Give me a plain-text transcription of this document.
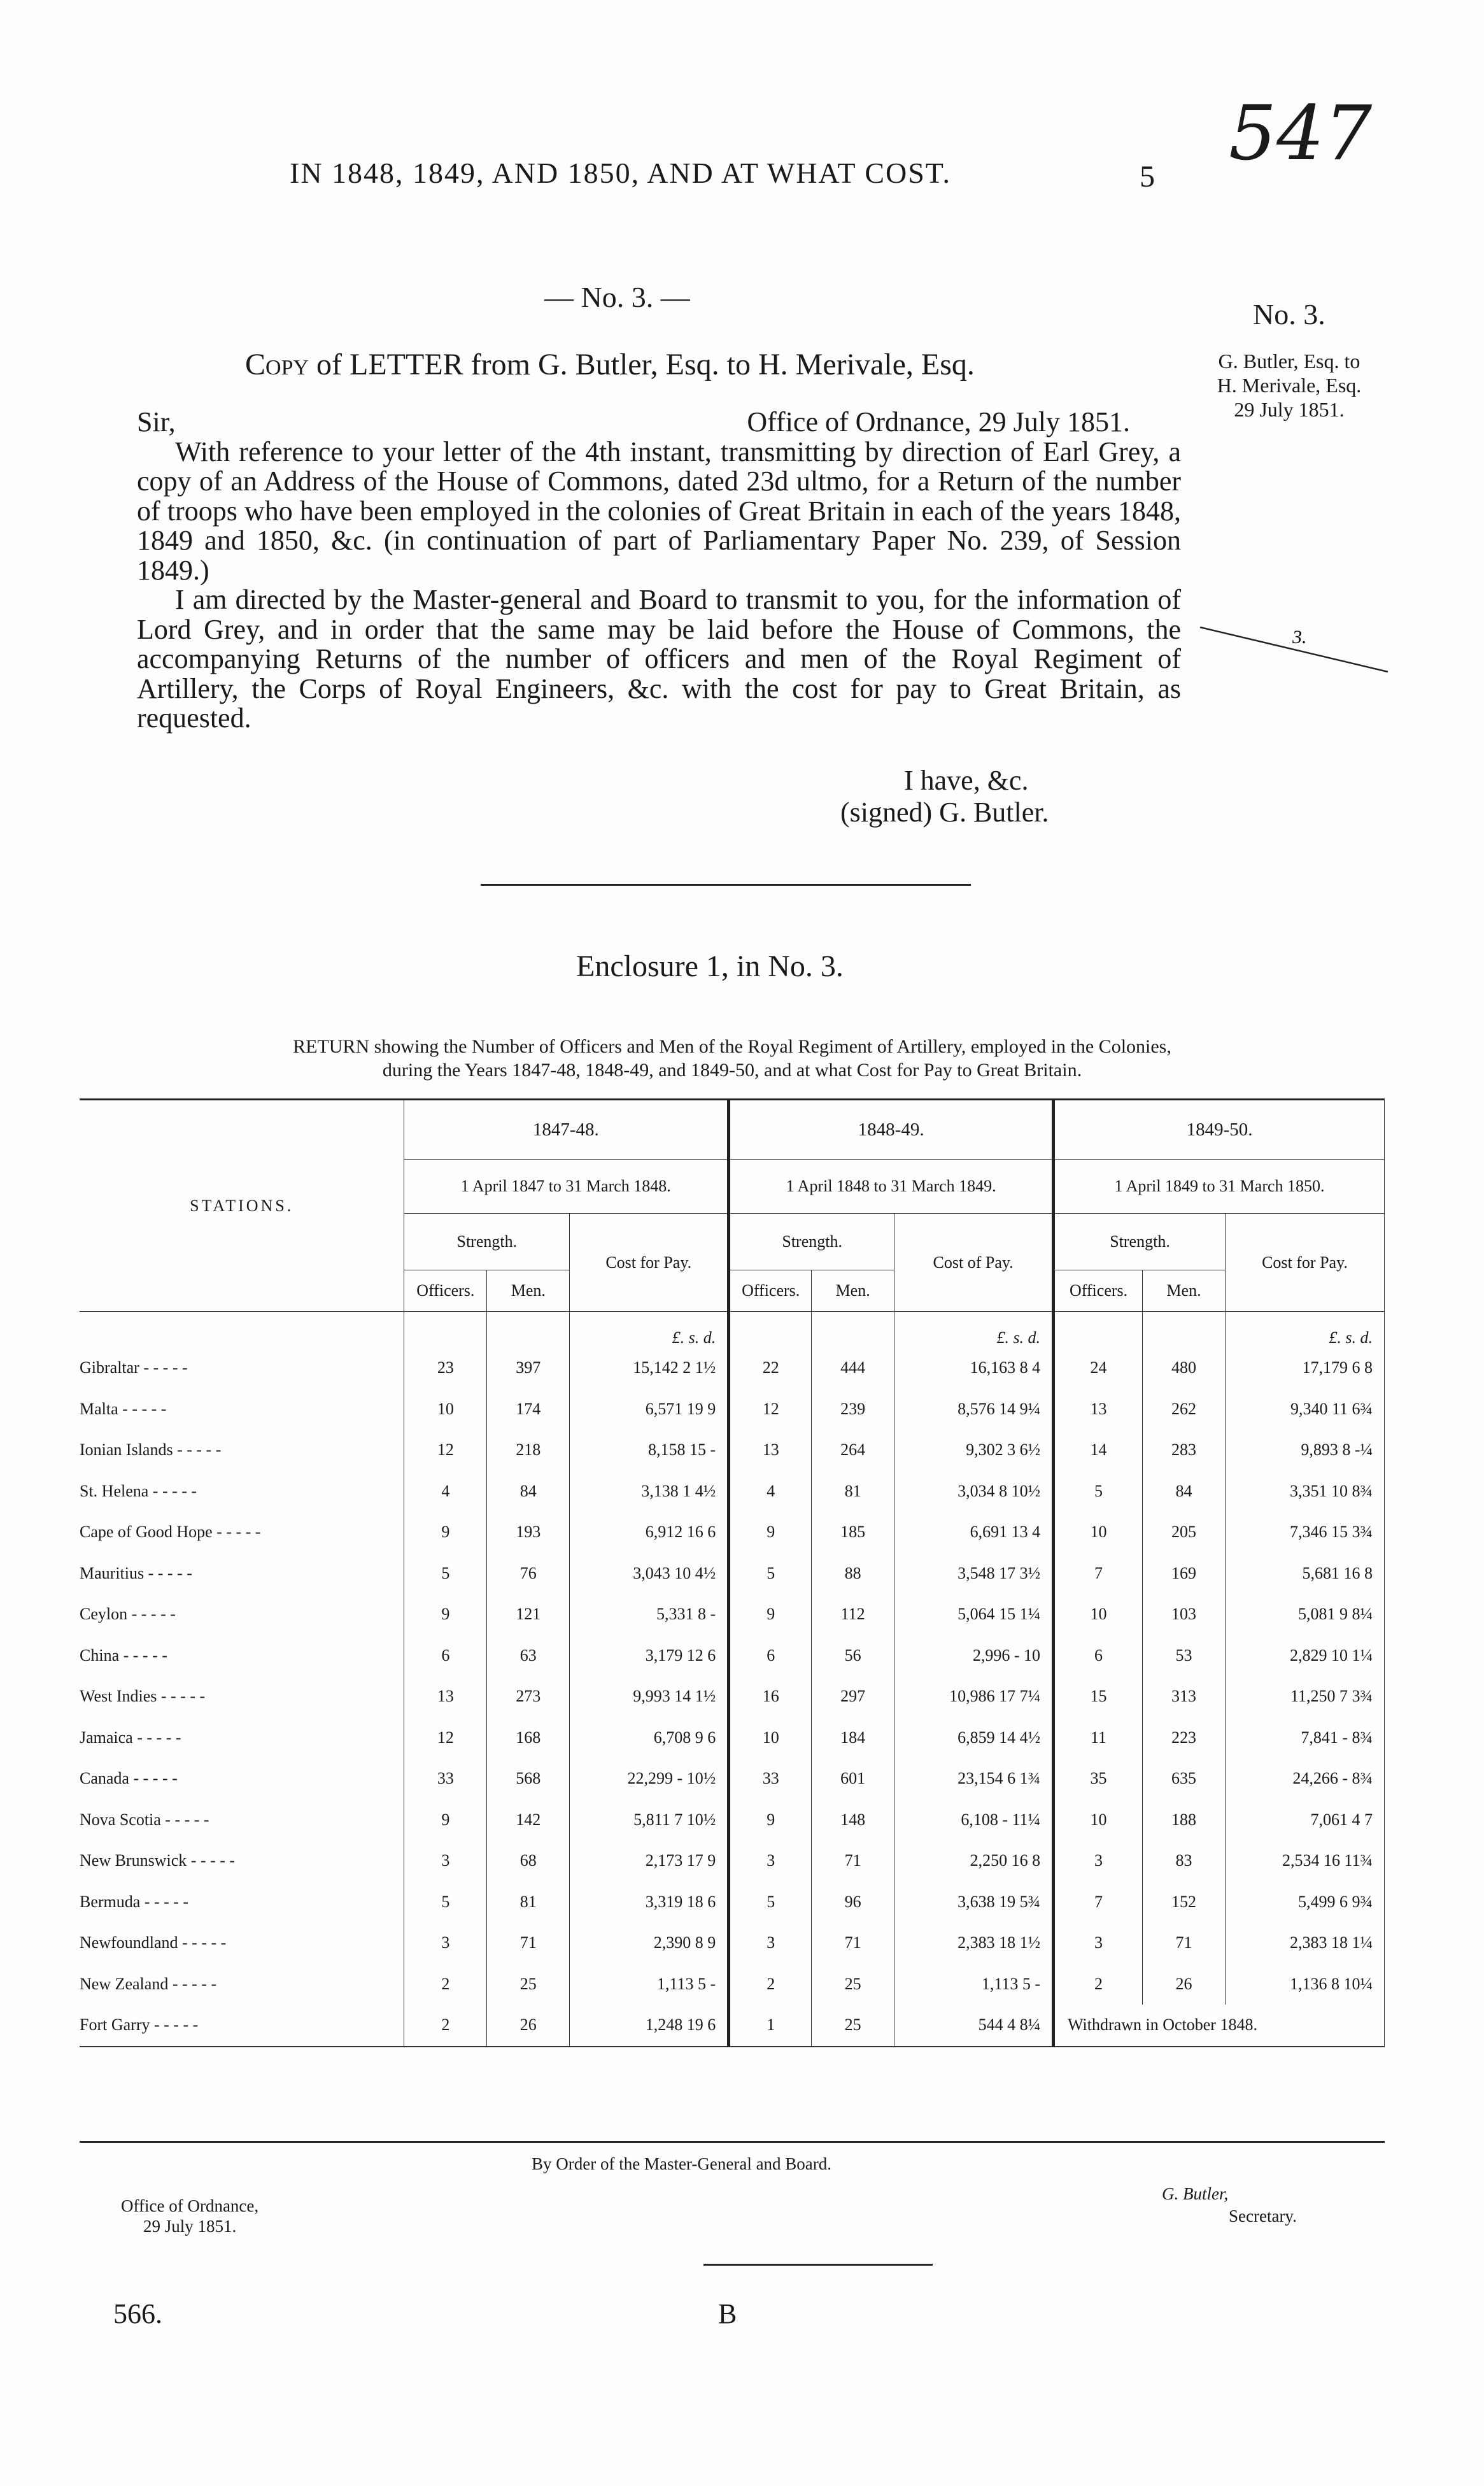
547
IN 1848, 1849, AND 1850, AND AT WHAT COST.	5
— No. 3. —
No. 3.
G. Butler, Esq. to
H. Merivale, Esq.
29 July 1851.
Copy of LETTER from G. Butler, Esq. to H. Merivale, Esq.

Sir,	Office of Ordnance, 29 July 1851.

With reference to your letter of the 4th instant, transmitting by direction of Earl Grey, a copy of an Address of the House of Commons, dated 23d ultmo, for a Return of the number of troops who have been employed in the colonies of Great Britain in each of the years 1848, 1849 and 1850, &c. (in continuation of part of Parliamentary Paper No. 239, of Session 1849.)

I am directed by the Master-general and Board to transmit to you, for the information of Lord Grey, and in order that the same may be laid before the House of Commons, the accompanying Returns of the number of officers and men of the Royal Regiment of Artillery, the Corps of Royal Engineers, &c. with the cost for pay to Great Britain, as requested.

3.
I have, &c.
(signed) G. Butler.
Enclosure 1, in No. 3.
RETURN showing the Number of Officers and Men of the Royal Regiment of Artillery, employed in the Colonies,
during the Years 1847-48, 1848-49, and 1849-50, and at what Cost for Pay to Great Britain.
STATIONS.	1847-48.			1848-49.			1849-50.		
	1 April 1847 to 31 March 1848.			1 April 1848 to 31 March 1849.			1 April 1849 to 31 March 1850.		
	Strength.		Cost for Pay.	Strength.		Cost of Pay.	Strength.		Cost for Pay.
	Officers.	Men.		Officers.	Men.		Officers.	Men.	
			£. s. d.			£. s. d.			£. s. d.
Gibraltar - - - - -	23	397	15,142 2 1½	22	444	16,163 8 4	24	480	17,179 6 8
Malta - - - - -	10	174	6,571 19 9	12	239	8,576 14 9¼	13	262	9,340 11 6¾
Ionian Islands - - - - -	12	218	8,158 15 -	13	264	9,302 3 6½	14	283	9,893 8 -¼
St. Helena - - - - -	4	84	3,138 1 4½	4	81	3,034 8 10½	5	84	3,351 10 8¾
Cape of Good Hope - - - - -	9	193	6,912 16 6	9	185	6,691 13 4	10	205	7,346 15 3¾
Mauritius - - - - -	5	76	3,043 10 4½	5	88	3,548 17 3½	7	169	5,681 16 8
Ceylon - - - - -	9	121	5,331 8 -	9	112	5,064 15 1¼	10	103	5,081 9 8¼
China - - - - -	6	63	3,179 12 6	6	56	2,996 - 10	6	53	2,829 10 1¼
West Indies - - - - -	13	273	9,993 14 1½	16	297	10,986 17 7¼	15	313	11,250 7 3¾
Jamaica - - - - -	12	168	6,708 9 6	10	184	6,859 14 4½	11	223	7,841 - 8¾
Canada - - - - -	33	568	22,299 - 10½	33	601	23,154 6 1¾	35	635	24,266 - 8¾
Nova Scotia - - - - -	9	142	5,811 7 10½	9	148	6,108 - 11¼	10	188	7,061 4 7
New Brunswick - - - - -	3	68	2,173 17 9	3	71	2,250 16 8	3	83	2,534 16 11¾
Bermuda - - - - -	5	81	3,319 18 6	5	96	3,638 19 5¾	7	152	5,499 6 9¾
Newfoundland - - - - -	3	71	2,390 8 9	3	71	2,383 18 1½	3	71	2,383 18 1¼
New Zealand - - - - -	2	25	1,113 5 -	2	25	1,113 5 -	2	26	1,136 8 10¼
Fort Garry - - - - -	2	26	1,248 19 6	1	25	544 4 8¼	Withdrawn in October 1848.		
By Order of the Master-General and Board.
Office of Ordnance,
29 July 1851.
G. Butler,
Secretary.
566.	B
